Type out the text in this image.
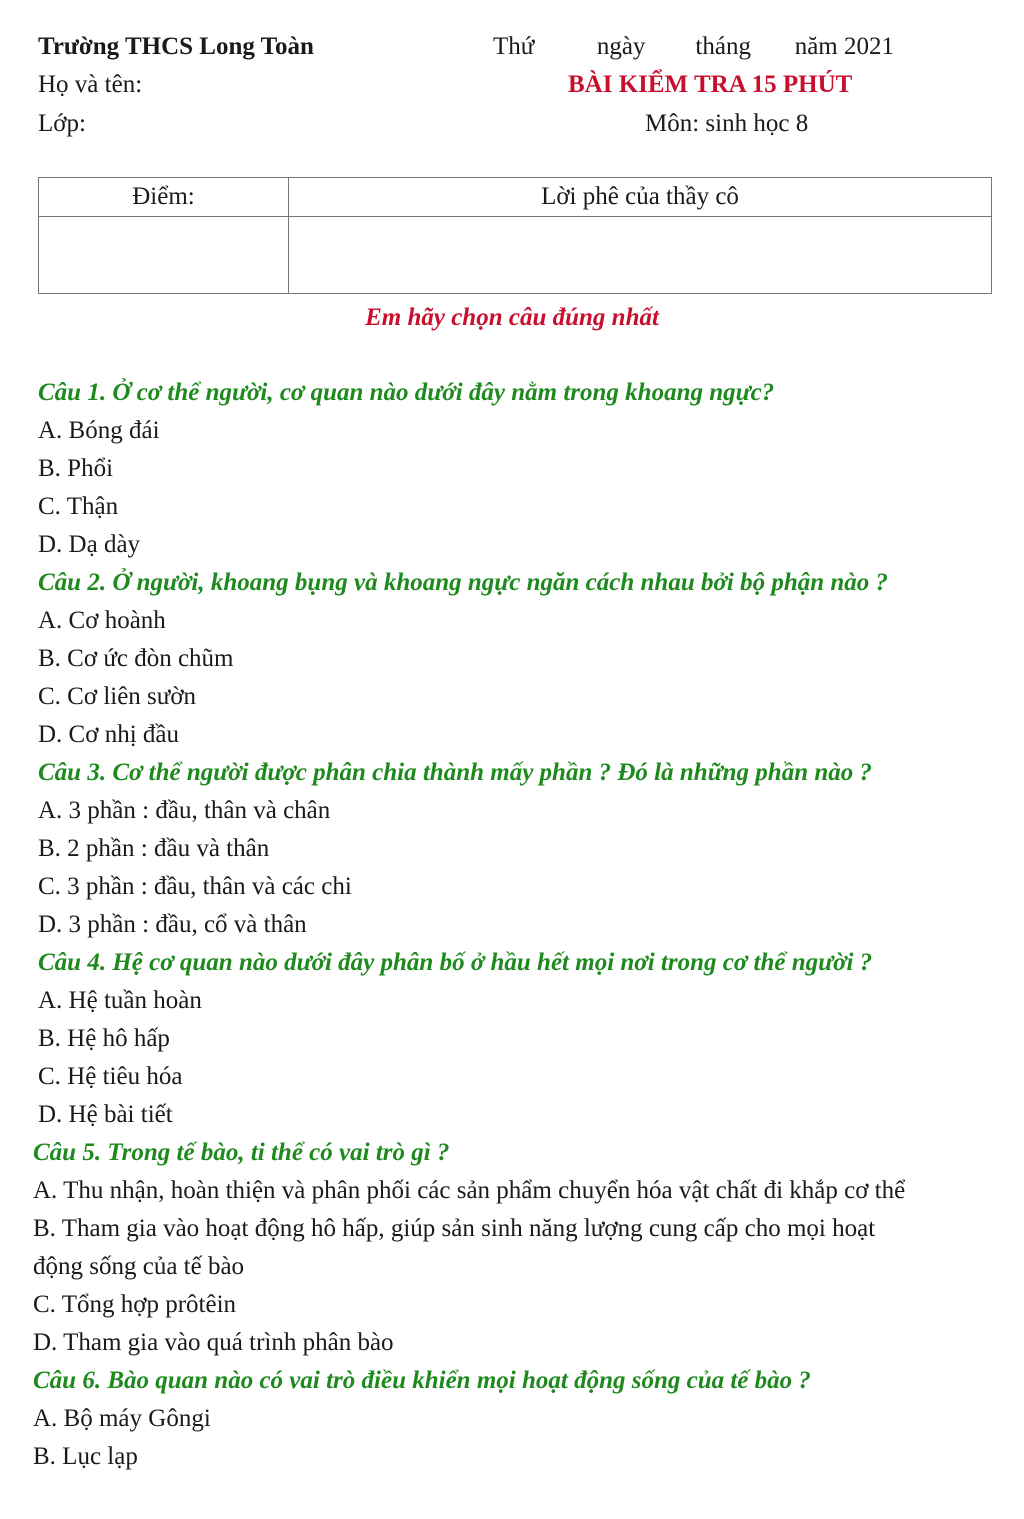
Trường THCS Long Toàn	Thứ          ngày        tháng       năm 2021
Họ và tên:	BÀI KIỂM TRA 15 PHÚT
Lớp:	Môn: sinh học 8
Điểm:	Lời phê của thầy cô

Em hãy chọn câu đúng nhất
Câu 1. Ở cơ thể người, cơ quan nào dưới đây nằm trong khoang ngực?
A. Bóng đái
B. Phổi
C. Thận
D. Dạ dày
Câu 2. Ở người, khoang bụng và khoang ngực ngăn cách nhau bởi bộ phận nào ?
A. Cơ hoành
B. Cơ ức đòn chũm
C. Cơ liên sườn
D. Cơ nhị đầu
Câu 3. Cơ thể người được phân chia thành mấy phần ? Đó là những phần nào ?
A. 3 phần : đầu, thân và chân
B. 2 phần : đầu và thân
C. 3 phần : đầu, thân và các chi
D. 3 phần : đầu, cổ và thân
Câu 4. Hệ cơ quan nào dưới đây phân bố ở hầu hết mọi nơi trong cơ thể người ?
A. Hệ tuần hoàn
B. Hệ hô hấp
C. Hệ tiêu hóa
D. Hệ bài tiết
Câu 5. Trong tế bào, ti thể có vai trò gì ?
A. Thu nhận, hoàn thiện và phân phối các sản phẩm chuyển hóa vật chất đi khắp cơ thể
B. Tham gia vào hoạt động hô hấp, giúp sản sinh năng lượng cung cấp cho mọi hoạt
động sống của tế bào
C. Tổng hợp prôtêin
D. Tham gia vào quá trình phân bào
Câu 6. Bào quan nào có vai trò điều khiển mọi hoạt động sống của tế bào ?
A. Bộ máy Gôngi
B. Lục lạp
